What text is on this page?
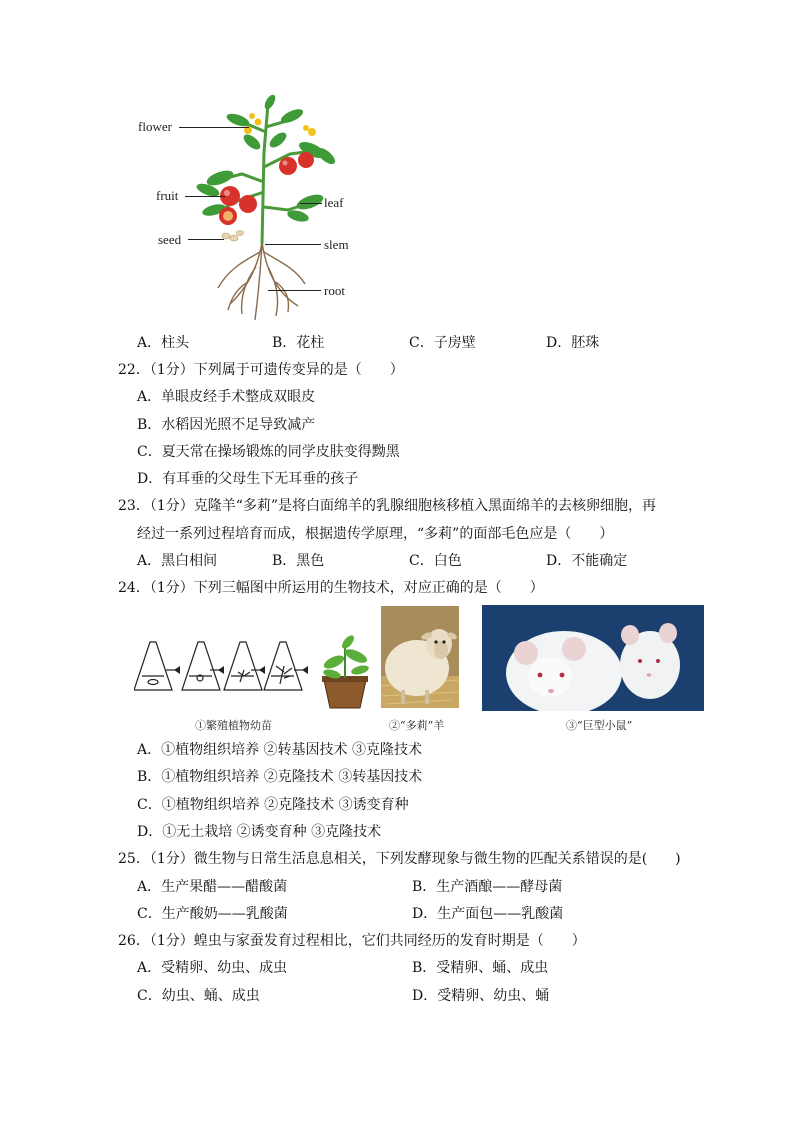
flower
fruit
seed
leaf
slem
root
A．柱头	B．花柱	C．子房壁	D．胚珠
22．（1分）下列属于可遗传变异的是（　　）
A．单眼皮经手术整成双眼皮
B．水稻因光照不足导致减产
C．夏天常在操场锻炼的同学皮肤变得黝黑
D．有耳垂的父母生下无耳垂的孩子
23．（1分）克隆羊“多莉”是将白面绵羊的乳腺细胞核移植入黑面绵羊的去核卵细胞，再
经过一系列过程培育而成，根据遗传学原理，“多莉”的面部毛色应是（　　）
A．黑白相间	B．黑色	C．白色	D．不能确定
24．（1分）下列三幅图中所运用的生物技术，对应正确的是（　　）
①繁殖植物幼苗	②“多莉”羊	③“巨型小鼠”
A．①植物组织培养 ②转基因技术 ③克隆技术
B．①植物组织培养 ②克隆技术 ③转基因技术
C．①植物组织培养 ②克隆技术 ③诱变育种
D．①无土栽培 ②诱变育种 ③克隆技术
25．（1分）微生物与日常生活息息相关，下列发酵现象与微生物的匹配关系错误的是(　　)
A．生产果醋——醋酸菌	B．生产酒酿——酵母菌
C．生产酸奶——乳酸菌	D．生产面包——乳酸菌
26．（1分）蝗虫与家蚕发育过程相比，它们共同经历的发育时期是（　　）
A．受精卵、幼虫、成虫	B．受精卵、蛹、成虫
C．幼虫、蛹、成虫	D．受精卵、幼虫、蛹
